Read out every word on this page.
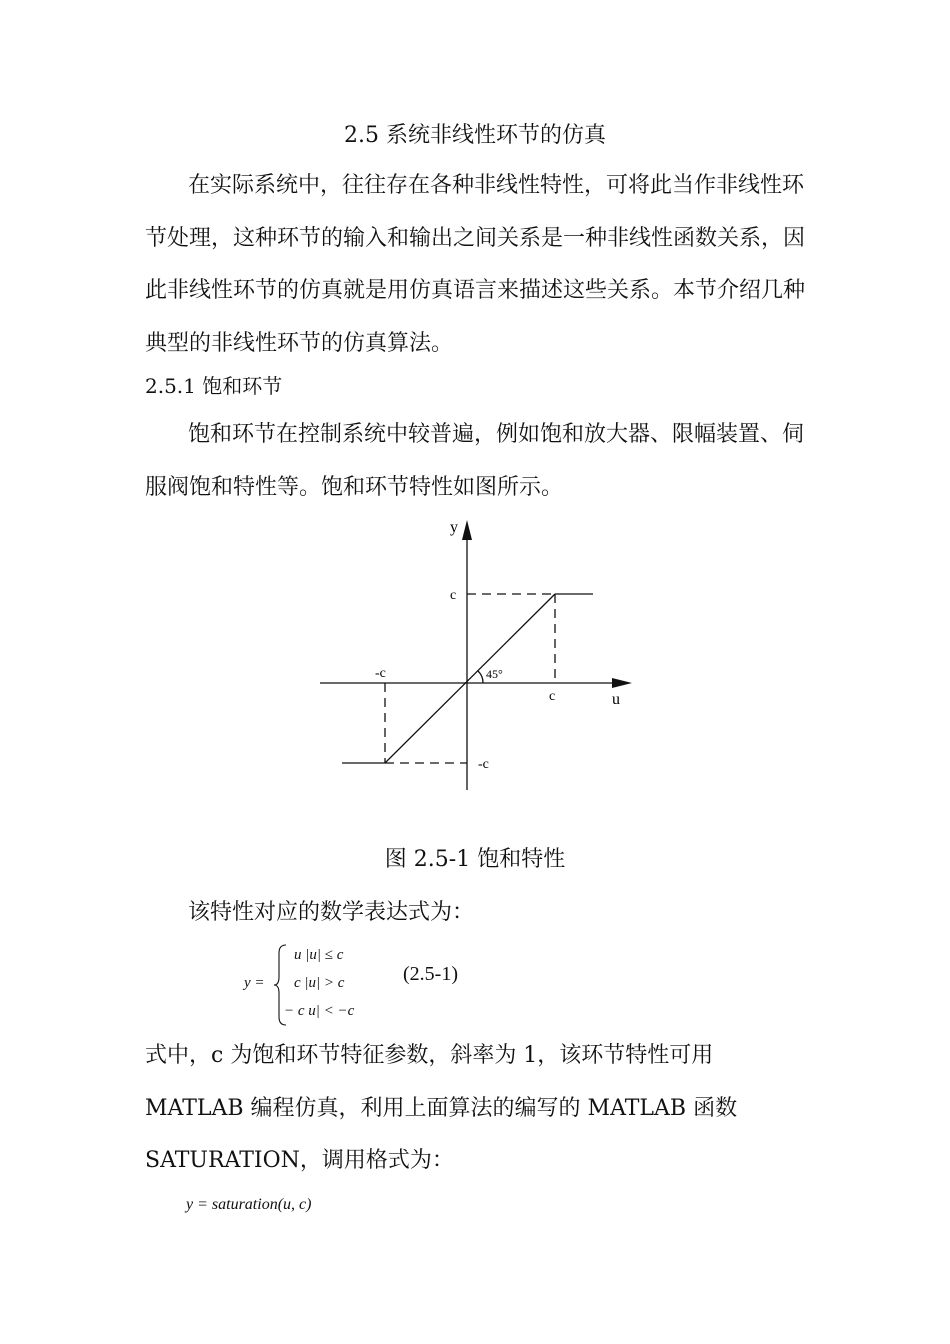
2.5 系统非线性环节的仿真
在实际系统中，往往存在各种非线性特性，可将此当作非线性环节处理，这种环节的输入和输出之间关系是一种非线性函数关系，因此非线性环节的仿真就是用仿真语言来描述这些关系。本节介绍几种典型的非线性环节的仿真算法。
2.5.1 饱和环节
饱和环节在控制系统中较普遍，例如饱和放大器、限幅装置、伺服阀饱和特性等。饱和环节特性如图所示。
y
u
c
-c	45°
c
-c
图 2.5-1 饱和特性
该特性对应的数学表达式为：
y =
u |u| ≤ c
c |u| > c
− c u| < −c
(2.5-1)
式中，c 为饱和环节特征参数，斜率为 1，该环节特性可用 MATLAB 编程仿真，利用上面算法的编写的 MATLAB 函数 SATURATION，调用格式为：
y = saturation(u, c)
